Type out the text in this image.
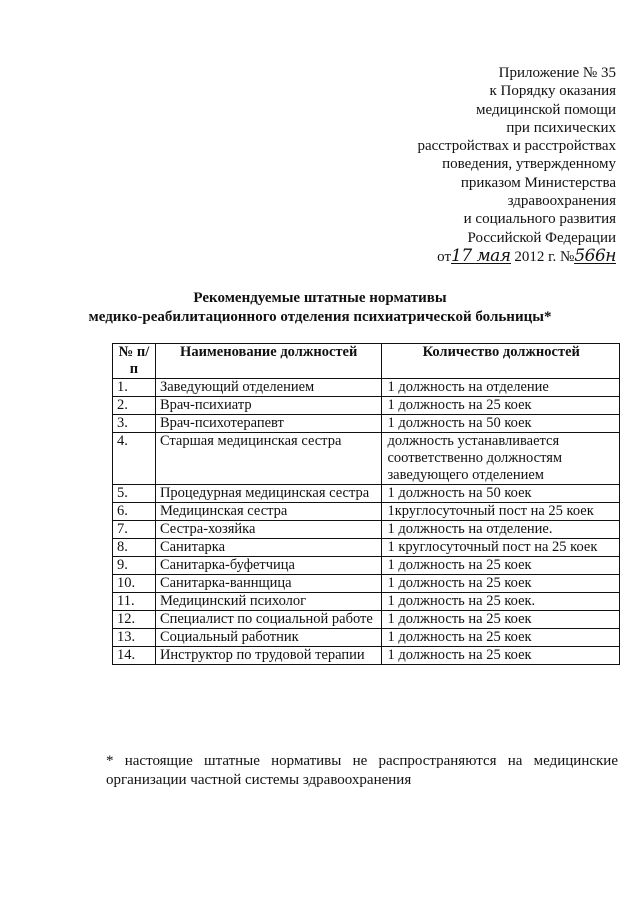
Приложение № 35
к Порядку оказания
медицинской помощи
при психических
расстройствах и расстройствах
поведения, утвержденному
приказом Министерства
здравоохранения
и социального развития
Российской Федерации
от17 мая 2012 г. №566н
Рекомендуемые штатные нормативы
медико-реабилитационного отделения психиатрической больницы*
№ п/п	Наименование должностей	Количество должностей
1.	Заведующий отделением	1 должность на отделение
2.	Врач-психиатр	1 должность на 25 коек
3.	Врач-психотерапевт	1 должность на 50 коек
4.	Старшая медицинская сестра	должность устанавливается соответственно должностям заведующего отделением
5.	Процедурная медицинская сестра	1 должность на 50 коек
6.	Медицинская сестра	1круглосуточный пост на 25 коек
7.	Сестра-хозяйка	1 должность на отделение.
8.	Санитарка	1 круглосуточный пост на 25 коек
9.	Санитарка-буфетчица	1 должность на 25 коек
10.	Санитарка-ваннщица	1 должность на 25 коек
11.	Медицинский психолог	1 должность на 25 коек.
12.	Специалист по социальной работе	1 должность на 25 коек
13.	Социальный работник	1 должность на 25 коек
14.	Инструктор по трудовой терапии	1 должность на 25 коек
* настоящие штатные нормативы не распространяются на медицинские организации частной системы здравоохранения
